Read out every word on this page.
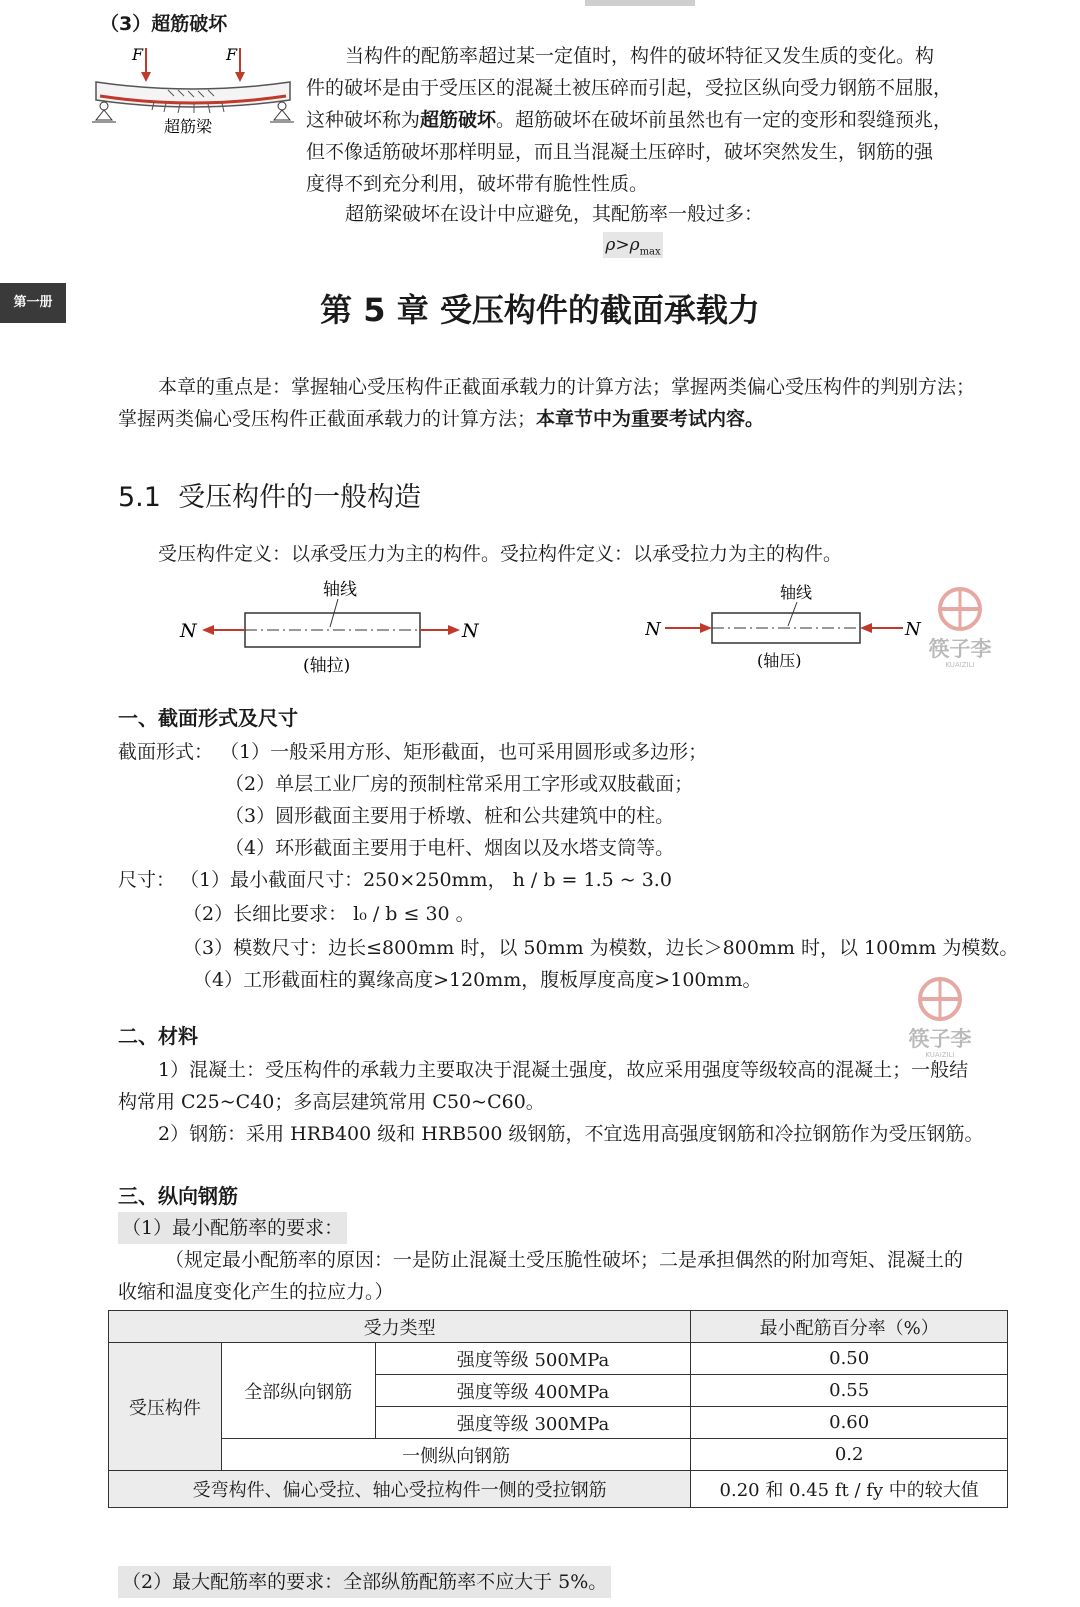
（3）超筋破坏
F	F
超筋梁
当构件的配筋率超过某一定值时，构件的破坏特征又发生质的变化。构
件的破坏是由于受压区的混凝土被压碎而引起，受拉区纵向受力钢筋不屈服，
这种破坏称为超筋破坏。超筋破坏在破坏前虽然也有一定的变形和裂缝预兆，
但不像适筋破坏那样明显，而且当混凝土压碎时，破坏突然发生，钢筋的强
度得不到充分利用，破坏带有脆性性质。
超筋梁破坏在设计中应避免，其配筋率一般过多：
$\rho>\rho_{max}$
第一册	第 5 章 受压构件的截面承载力
本章的重点是：掌握轴心受压构件正截面承载力的计算方法；掌握两类偏心受压构件的判别方法；
掌握两类偏心受压构件正截面承载力的计算方法；本章节中为重要考试内容。
5.1 受压构件的一般构造
受压构件定义：以承受压力为主的构件。受拉构件定义：以承受拉力为主的构件。
轴线
N	N
(轴拉)
轴线
N	N
(轴压)	筷子李
KUAIZILI
一、截面形式及尺寸
截面形式： （1）一般采用方形、矩形截面，也可采用圆形或多边形；
（2）单层工业厂房的预制柱常采用工字形或双肢截面；
（3）圆形截面主要用于桥墩、桩和公共建筑中的柱。
（4）环形截面主要用于电杆、烟囱以及水塔支筒等。
尺寸： （1）最小截面尺寸：250×250mm， h / b = 1.5 ~ 3.0
（2）长细比要求： l₀ / b ≤ 30 。
（3）模数尺寸：边长≤800mm 时，以 50mm 为模数，边长＞800mm 时，以 100mm 为模数。
（4）工形截面柱的翼缘高度>120mm，腹板厚度高度>100mm。
筷子李
KUAIZILI
二、材料
1）混凝土：受压构件的承载力主要取决于混凝土强度，故应采用强度等级较高的混凝土；一般结
构常用 C25~C40；多高层建筑常用 C50~C60。
2）钢筋：采用 HRB400 级和 HRB500 级钢筋，不宜选用高强度钢筋和冷拉钢筋作为受压钢筋。
三、纵向钢筋
（1）最小配筋率的要求：
（规定最小配筋率的原因：一是防止混凝土受压脆性破坏；二是承担偶然的附加弯矩、混凝土的
收缩和温度变化产生的拉应力。）
受力类型			最小配筋百分率（%）
受压构件	全部纵向钢筋	强度等级 500MPa	0.50
		强度等级 400MPa	0.55
		强度等级 300MPa	0.60
	一侧纵向钢筋		0.2
受弯构件、偏心受拉、轴心受拉构件一侧的受拉钢筋			0.20 和 0.45 ft / fy 中的较大值
（2）最大配筋率的要求：全部纵筋配筋率不应大于 5%。
